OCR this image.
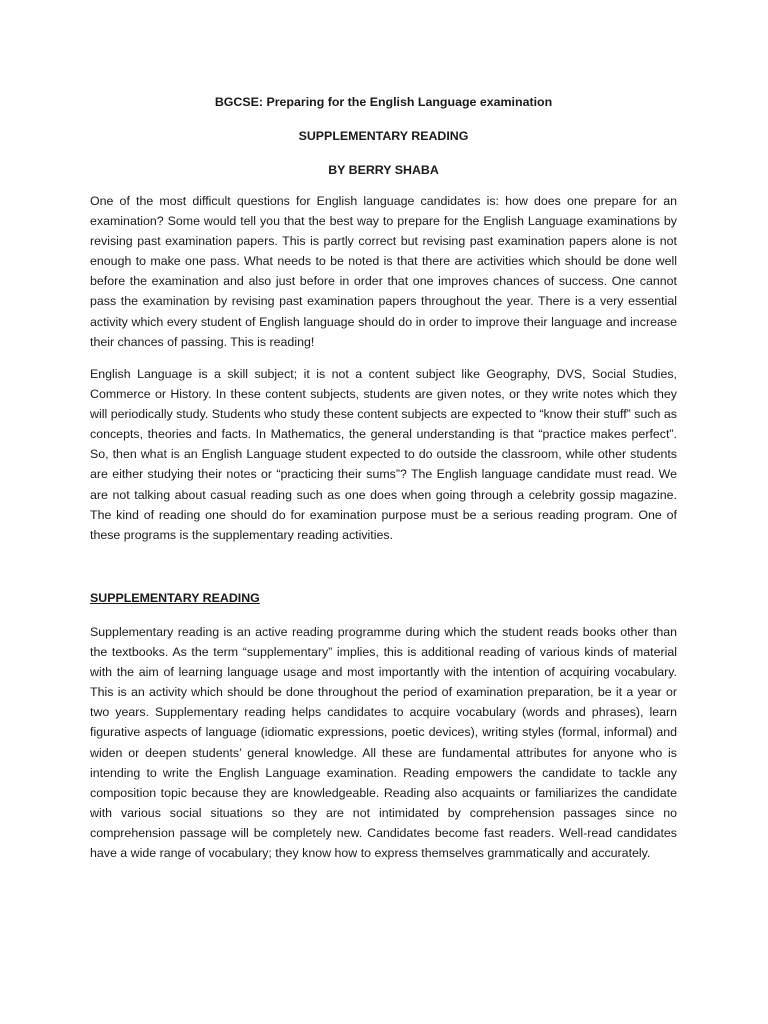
BGCSE: Preparing for the English Language examination

SUPPLEMENTARY READING

BY BERRY SHABA

One of the most difficult questions for English language candidates is: how does one prepare for an examination? Some would tell you that the best way to prepare for the English Language examinations by revising past examination papers. This is partly correct but revising past examination papers alone is not enough to make one pass. What needs to be noted is that there are activities which should be done well before the examination and also just before in order that one improves chances of success. One cannot pass the examination by revising past examination papers throughout the year. There is a very essential activity which every student of English language should do in order to improve their language and increase their chances of passing. This is reading!

English Language is a skill subject; it is not a content subject like Geography, DVS, Social Studies, Commerce or History. In these content subjects, students are given notes, or they write notes which they will periodically study. Students who study these content subjects are expected to “know their stuff” such as concepts, theories and facts. In Mathematics, the general understanding is that “practice makes perfect”. So, then what is an English Language student expected to do outside the classroom, while other students are either studying their notes or “practicing their sums”? The English language candidate must read. We are not talking about casual reading such as one does when going through a celebrity gossip magazine. The kind of reading one should do for examination purpose must be a serious reading program. One of these programs is the supplementary reading activities.

SUPPLEMENTARY READING

Supplementary reading is an active reading programme during which the student reads books other than the textbooks. As the term “supplementary” implies, this is additional reading of various kinds of material with the aim of learning language usage and most importantly with the intention of acquiring vocabulary. This is an activity which should be done throughout the period of examination preparation, be it a year or two years. Supplementary reading helps candidates to acquire vocabulary (words and phrases), learn figurative aspects of language (idiomatic expressions, poetic devices), writing styles (formal, informal) and widen or deepen students’ general knowledge. All these are fundamental attributes for anyone who is intending to write the English Language examination. Reading empowers the candidate to tackle any composition topic because they are knowledgeable. Reading also acquaints or familiarizes the candidate with various social situations so they are not intimidated by comprehension passages since no comprehension passage will be completely new. Candidates become fast readers. Well-read candidates have a wide range of vocabulary; they know how to express themselves grammatically and accurately.
